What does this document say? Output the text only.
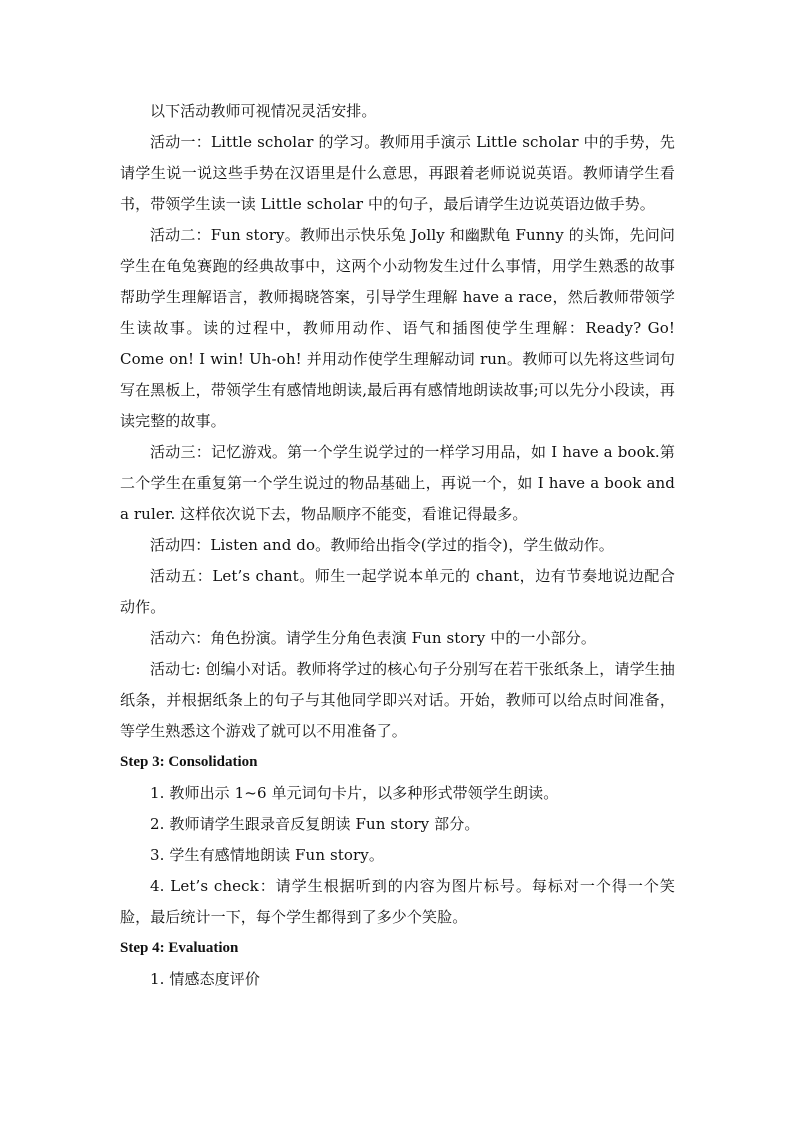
以下活动教师可视情况灵活安排。

活动一：Little scholar 的学习。教师用手演示 Little scholar 中的手势，先请学生说一说这些手势在汉语里是什么意思，再跟着老师说说英语。教师请学生看书，带领学生读一读 Little scholar 中的句子，最后请学生边说英语边做手势。

活动二：Fun story。教师出示快乐兔 Jolly 和幽默龟 Funny 的头饰，先问问学生在龟兔赛跑的经典故事中，这两个小动物发生过什么事情，用学生熟悉的故事帮助学生理解语言，教师揭晓答案，引导学生理解 have a race，然后教师带领学生读故事。读的过程中，教师用动作、语气和插图使学生理解：Ready? Go! Come on! I win! Uh-oh! 并用动作使学生理解动词 run。教师可以先将这些词句写在黑板上，带领学生有感情地朗读,最后再有感情地朗读故事;可以先分小段读，再读完整的故事。

活动三：记忆游戏。第一个学生说学过的一样学习用品，如 I have a book.第二个学生在重复第一个学生说过的物品基础上，再说一个，如 I have a book and a ruler. 这样依次说下去，物品顺序不能变，看谁记得最多。

活动四：Listen and do。教师给出指令(学过的指令)，学生做动作。

活动五：Let’s chant。师生一起学说本单元的 chant，边有节奏地说边配合动作。

活动六：角色扮演。请学生分角色表演 Fun story 中的一小部分。

活动七: 创编小对话。教师将学过的核心句子分别写在若干张纸条上，请学生抽纸条，并根据纸条上的句子与其他同学即兴对话。开始，教师可以给点时间准备，等学生熟悉这个游戏了就可以不用准备了。

Step 3: Consolidation

1. 教师出示 1~6 单元词句卡片，以多种形式带领学生朗读。

2. 教师请学生跟录音反复朗读 Fun story 部分。

3. 学生有感情地朗读 Fun story。

4. Let’s check：请学生根据听到的内容为图片标号。每标对一个得一个笑脸，最后统计一下，每个学生都得到了多少个笑脸。

Step 4: Evaluation

1. 情感态度评价
